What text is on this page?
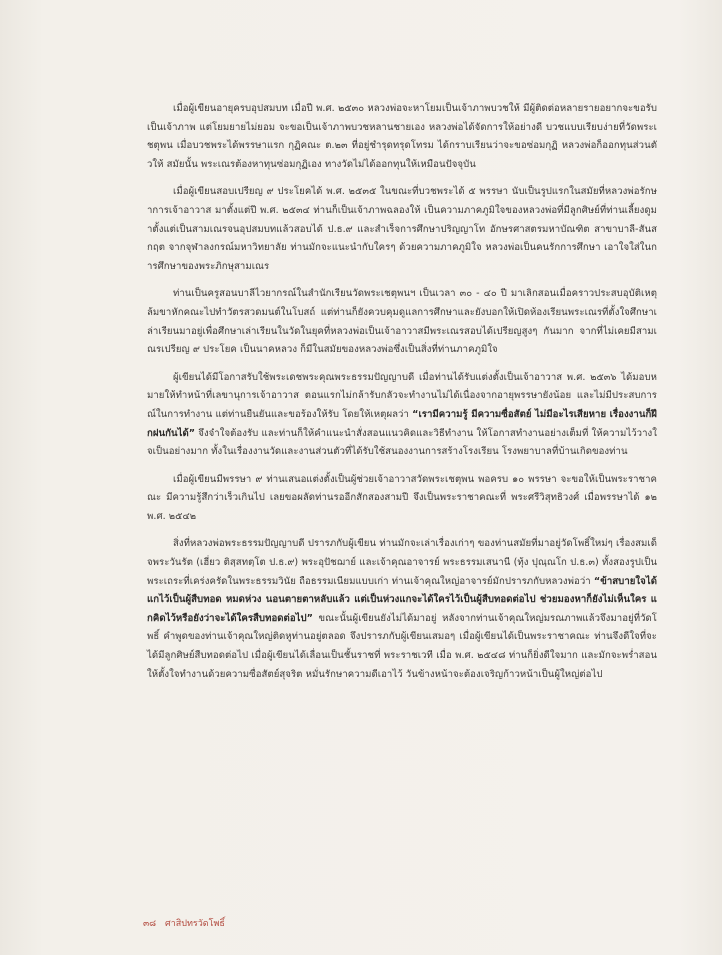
เมื่อผู้เขียนอายุครบอุปสมบท เมื่อปี พ.ศ. ๒๕๓๐ หลวงพ่อจะหาโยมเป็นเจ้าภาพบวชให้ มีผู้ติดต่อหลายรายอยากจะขอรับเป็นเจ้าภาพ แต่โยมยายไม่ยอม จะขอเป็นเจ้าภาพบวชหลานชายเอง หลวงพ่อได้จัดการให้อย่างดี บวชแบบเรียบง่ายที่วัดพระเชตุพน เมื่อบวชพระได้พรรษาแรก กุฏิคณะ ต.๒๓ ที่อยู่ชำรุดทรุดโทรม ได้กราบเรียนว่าจะขอซ่อมกุฏิ หลวงพ่อก็ออกทุนส่วนตัวให้ สมัยนั้น พระเณรต้องหาทุนซ่อมกุฏิเอง ทางวัดไม่ได้ออกทุนให้เหมือนปัจจุบัน

เมื่อผู้เขียนสอบเปรียญ ๙ ประโยคได้ พ.ศ. ๒๕๓๕ ในขณะที่บวชพระได้ ๕ พรรษา นับเป็นรูปแรกในสมัยที่หลวงพ่อรักษาการเจ้าอาวาส มาตั้งแต่ปี พ.ศ. ๒๕๓๔ ท่านก็เป็นเจ้าภาพฉลองให้ เป็นความภาคภูมิใจของหลวงพ่อที่มีลูกศิษย์ที่ท่านเลี้ยงดูมาตั้งแต่เป็นสามเณรจนอุปสมบทแล้วสอบได้ ป.ธ.๙ และสำเร็จการศึกษาปริญญาโท อักษรศาสตรมหาบัณฑิต สาขาบาลี-สันสกฤต จากจุฬาลงกรณ์มหาวิทยาลัย ท่านมักจะแนะนำกับใครๆ ด้วยความภาคภูมิใจ หลวงพ่อเป็นคนรักการศึกษา เอาใจใส่ในการศึกษาของพระภิกษุสามเณร

ท่านเป็นครูสอนบาลีไวยากรณ์ในสำนักเรียนวัดพระเชตุพนฯ เป็นเวลา ๓๐ - ๔๐ ปี มาเลิกสอนเมื่อคราวประสบอุบัติเหตุล้มขาหักคณะไปทำวัตรสวดมนต์ในโบสถ์ แต่ท่านก็ยังควบคุมดูแลการศึกษาและยังบอกให้เปิดห้องเรียนพระเณรที่ตั้งใจศึกษาเล่าเรียนมาอยู่เพื่อศึกษาเล่าเรียนในวัดในยุคที่หลวงพ่อเป็นเจ้าอาวาสมีพระเณรสอบได้เปรียญสูงๆ กันมาก จากที่ไม่เคยมีสามเณรเปรียญ ๙ ประโยค เป็นนาคหลวง ก็มีในสมัยของหลวงพ่อซึ่งเป็นสิ่งที่ท่านภาคภูมิใจ

ผู้เขียนได้มีโอกาสรับใช้พระเดชพระคุณพระธรรมปัญญาบดี เมื่อท่านได้รับแต่งตั้งเป็นเจ้าอาวาส พ.ศ. ๒๕๓๖ ได้มอบหมายให้ทำหน้าที่เลขานุการเจ้าอาวาส ตอนแรกไม่กล้ารับกลัวจะทำงานไม่ได้เนื่องจากอายุพรรษายังน้อย และไม่มีประสบการณ์ในการทำงาน แต่ท่านยืนยันและขอร้องให้รับ โดยให้เหตุผลว่า “เรามีความรู้ มีความซื่อสัตย์ ไม่มีอะไรเสียหาย เรื่องงานก็ฝึกฝนกันได้” จึงจำใจต้องรับ และท่านก็ให้คำแนะนำสั่งสอนแนวคิดและวิธีทำงาน ให้โอกาสทำงานอย่างเต็มที่ ให้ความไว้วางใจเป็นอย่างมาก ทั้งในเรื่องงานวัดและงานส่วนตัวที่ได้รับใช้สนองงานการสร้างโรงเรียน โรงพยาบาลที่บ้านเกิดของท่าน

เมื่อผู้เขียนมีพรรษา ๙ ท่านเสนอแต่งตั้งเป็นผู้ช่วยเจ้าอาวาสวัดพระเชตุพน พอครบ ๑๐ พรรษา จะขอให้เป็นพระราชาคณะ มีความรู้สึกว่าเร็วเกินไป เลยขอผลัดท่านรออีกสักสองสามปี จึงเป็นพระราชาคณะที่ พระศรีวิสุทธิวงศ์ เมื่อพรรษาได้ ๑๒ พ.ศ. ๒๕๔๒

สิ่งที่หลวงพ่อพระธรรมปัญญาบดี ปรารภกับผู้เขียน ท่านมักจะเล่าเรื่องเก่าๆ ของท่านสมัยที่มาอยู่วัดโพธิ์ใหม่ๆ เรื่องสมเด็จพระวันรัต (เฮี่ยว ติสฺสทตฺโต ป.ธ.๙) พระอุปัชฌาย์ และเจ้าคุณอาจารย์ พระธรรมเสนานี (ทุ้ง ปุณฺณโก ป.ธ.๓) ทั้งสองรูปเป็นพระเถระที่เคร่งครัดในพระธรรมวินัย ถือธรรมเนียมแบบเก่า ท่านเจ้าคุณใหญ่อาจารย์มักปรารภกับหลวงพ่อว่า “ข้าสบายใจได้แกไว้เป็นผู้สืบทอด หมดห่วง นอนตายตาหลับแล้ว แต่เป็นห่วงแกจะได้ใครไว้เป็นผู้สืบทอดต่อไป ช่วยมองหาก็ยังไม่เห็นใคร แกคิดไว้หรือยังว่าจะได้ใครสืบทอดต่อไป” ขณะนั้นผู้เขียนยังไม่ได้มาอยู่ หลังจากท่านเจ้าคุณใหญ่มรณภาพแล้วจึงมาอยู่ที่วัดโพธิ์ คำพูดของท่านเจ้าคุณใหญ่ติดหูท่านอยู่ตลอด จึงปรารภกับผู้เขียนเสมอๆ เมื่อผู้เขียนได้เป็นพระราชาคณะ ท่านจึงดีใจที่จะได้มีลูกศิษย์สืบทอดต่อไป เมื่อผู้เขียนได้เลื่อนเป็นชั้นราชที่ พระราชเวที เมื่อ พ.ศ. ๒๕๔๘ ท่านก็ยิ่งดีใจมาก และมักจะพร่ำสอนให้ตั้งใจทำงานด้วยความซื่อสัตย์สุจริต หมั่นรักษาความดีเอาไว้ วันข้างหน้าจะต้องเจริญก้าวหน้าเป็นผู้ใหญ่ต่อไป

๓๘ ศาสิปทรวัดโพธิ์
